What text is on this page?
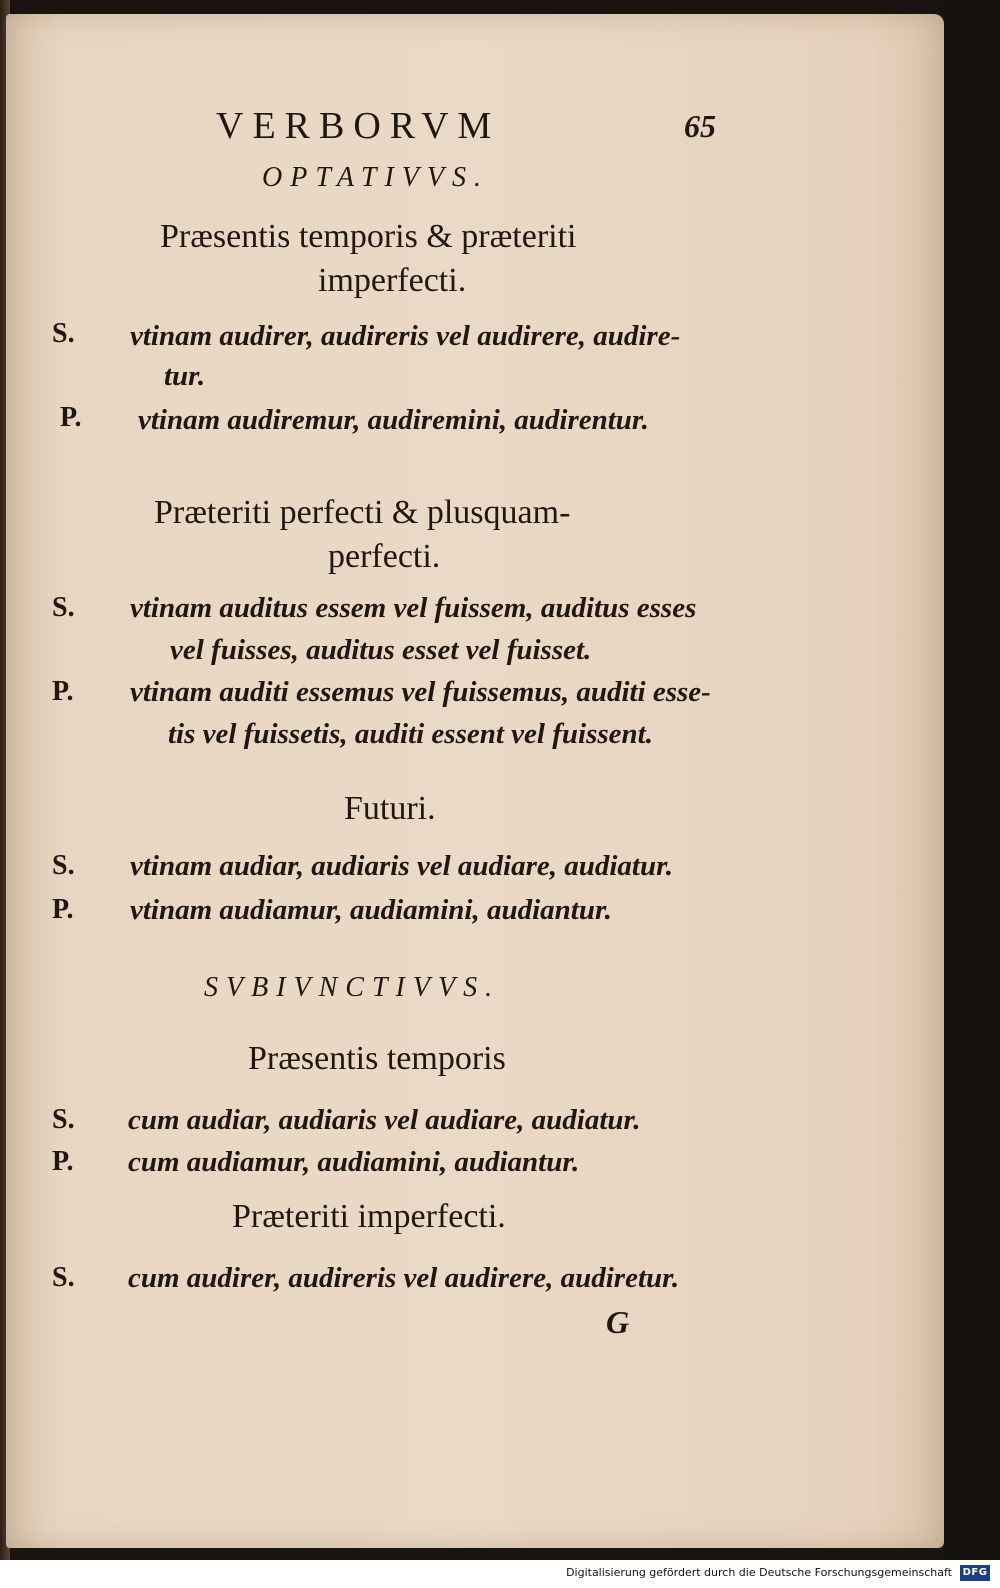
VERBORVM	65
OPTATIVVS.
Præsentis temporis & præteriti
imperfecti.
S. vtinam audirer, audireris vel audirere, audire-
tur.
P. vtinam audiremur, audiremini, audirentur.
Præteriti perfecti & plusquam-
perfecti.
S. vtinam auditus essem vel fuissem, auditus esses
vel fuisses, auditus esset vel fuisset.
P. vtinam auditi essemus vel fuissemus, auditi esse-
tis vel fuissetis, auditi essent vel fuissent.
Futuri.
S. vtinam audiar, audiaris vel audiare, audiatur.
P. vtinam audiamur, audiamini, audiantur.
SVBIVNCTIVVS.
Præsentis temporis
S. cum audiar, audiaris vel audiare, audiatur.
P. cum audiamur, audiamini, audiantur.
Præteriti imperfecti.
S. cum audirer, audireris vel audirere, audiretur.
G
Digitalisierung gefördert durch die Deutsche Forschungsgemeinschaft DFG
